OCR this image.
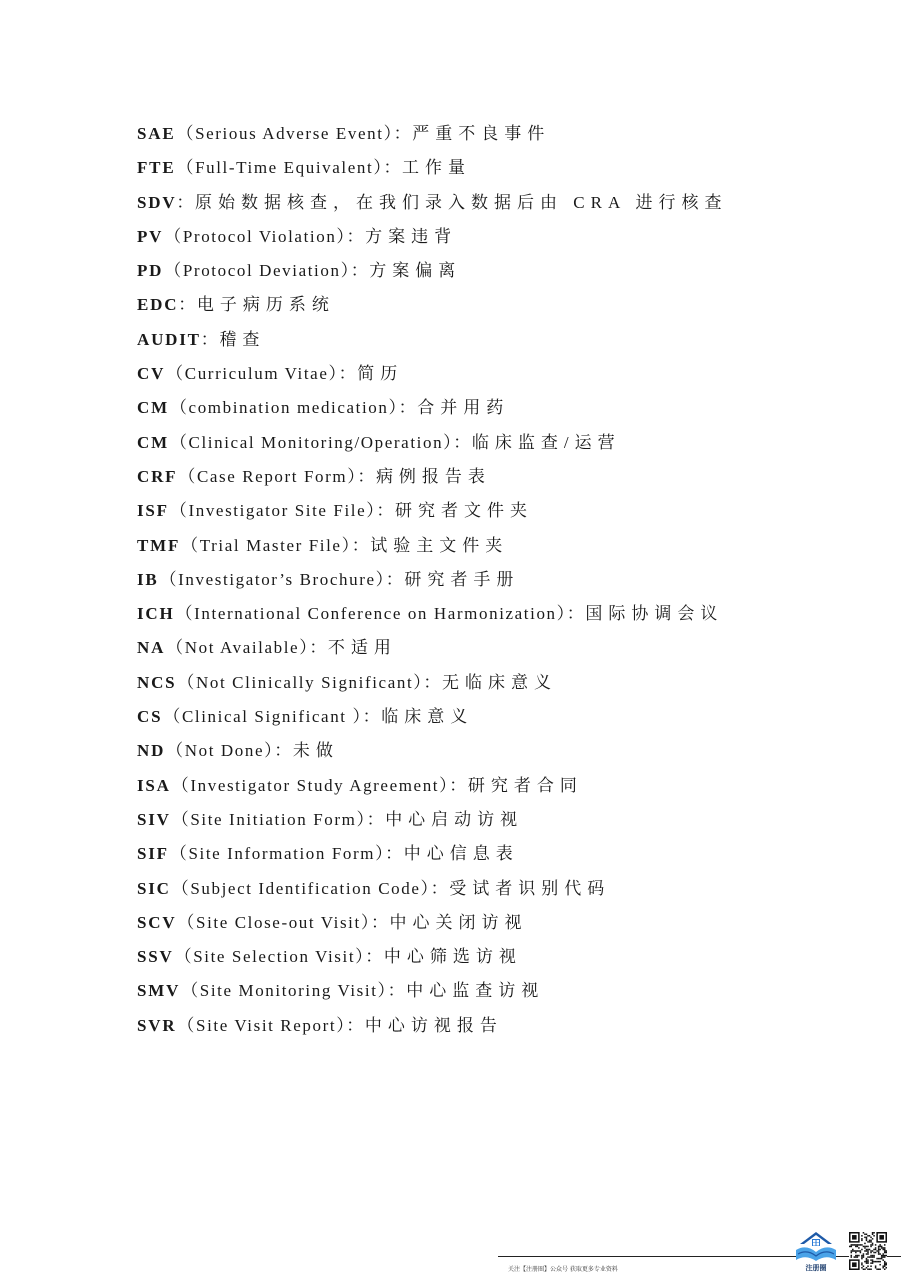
SAE（Serious Adverse Event）：严重不良事件
FTE（Full-Time Equivalent）：工作量
SDV：原始数据核查，在我们录入数据后由 CRA 进行核查
PV（Protocol Violation）：方案违背
PD（Protocol Deviation）：方案偏离
EDC：电子病历系统
AUDIT：稽查
CV（Curriculum Vitae）：简历
CM（combination medication）：合并用药
CM（Clinical Monitoring/Operation）：临床监查/运营
CRF（Case Report Form）：病例报告表
ISF（Investigator Site File）：研究者文件夹
TMF（Trial Master File）：试验主文件夹
IB（Investigator’s Brochure）：研究者手册
ICH（International Conference on Harmonization）：国际协调会议
NA（Not Available）：不适用
NCS（Not Clinically Significant）：无临床意义
CS（Clinical Significant ）：临床意义
ND（Not Done）：未做
ISA（Investigator Study Agreement）：研究者合同
SIV（Site Initiation Form）：中心启动访视
SIF（Site Information Form）：中心信息表
SIC（Subject Identification Code）：受试者识别代码
SCV（Site Close-out Visit）：中心关闭访视
SSV（Site Selection Visit）：中心筛选访视
SMV（Site Monitoring Visit）：中心监查访视
SVR（Site Visit Report）：中心访视报告
关注【注册圈】公众号 获取更多专业资料	注册圈
